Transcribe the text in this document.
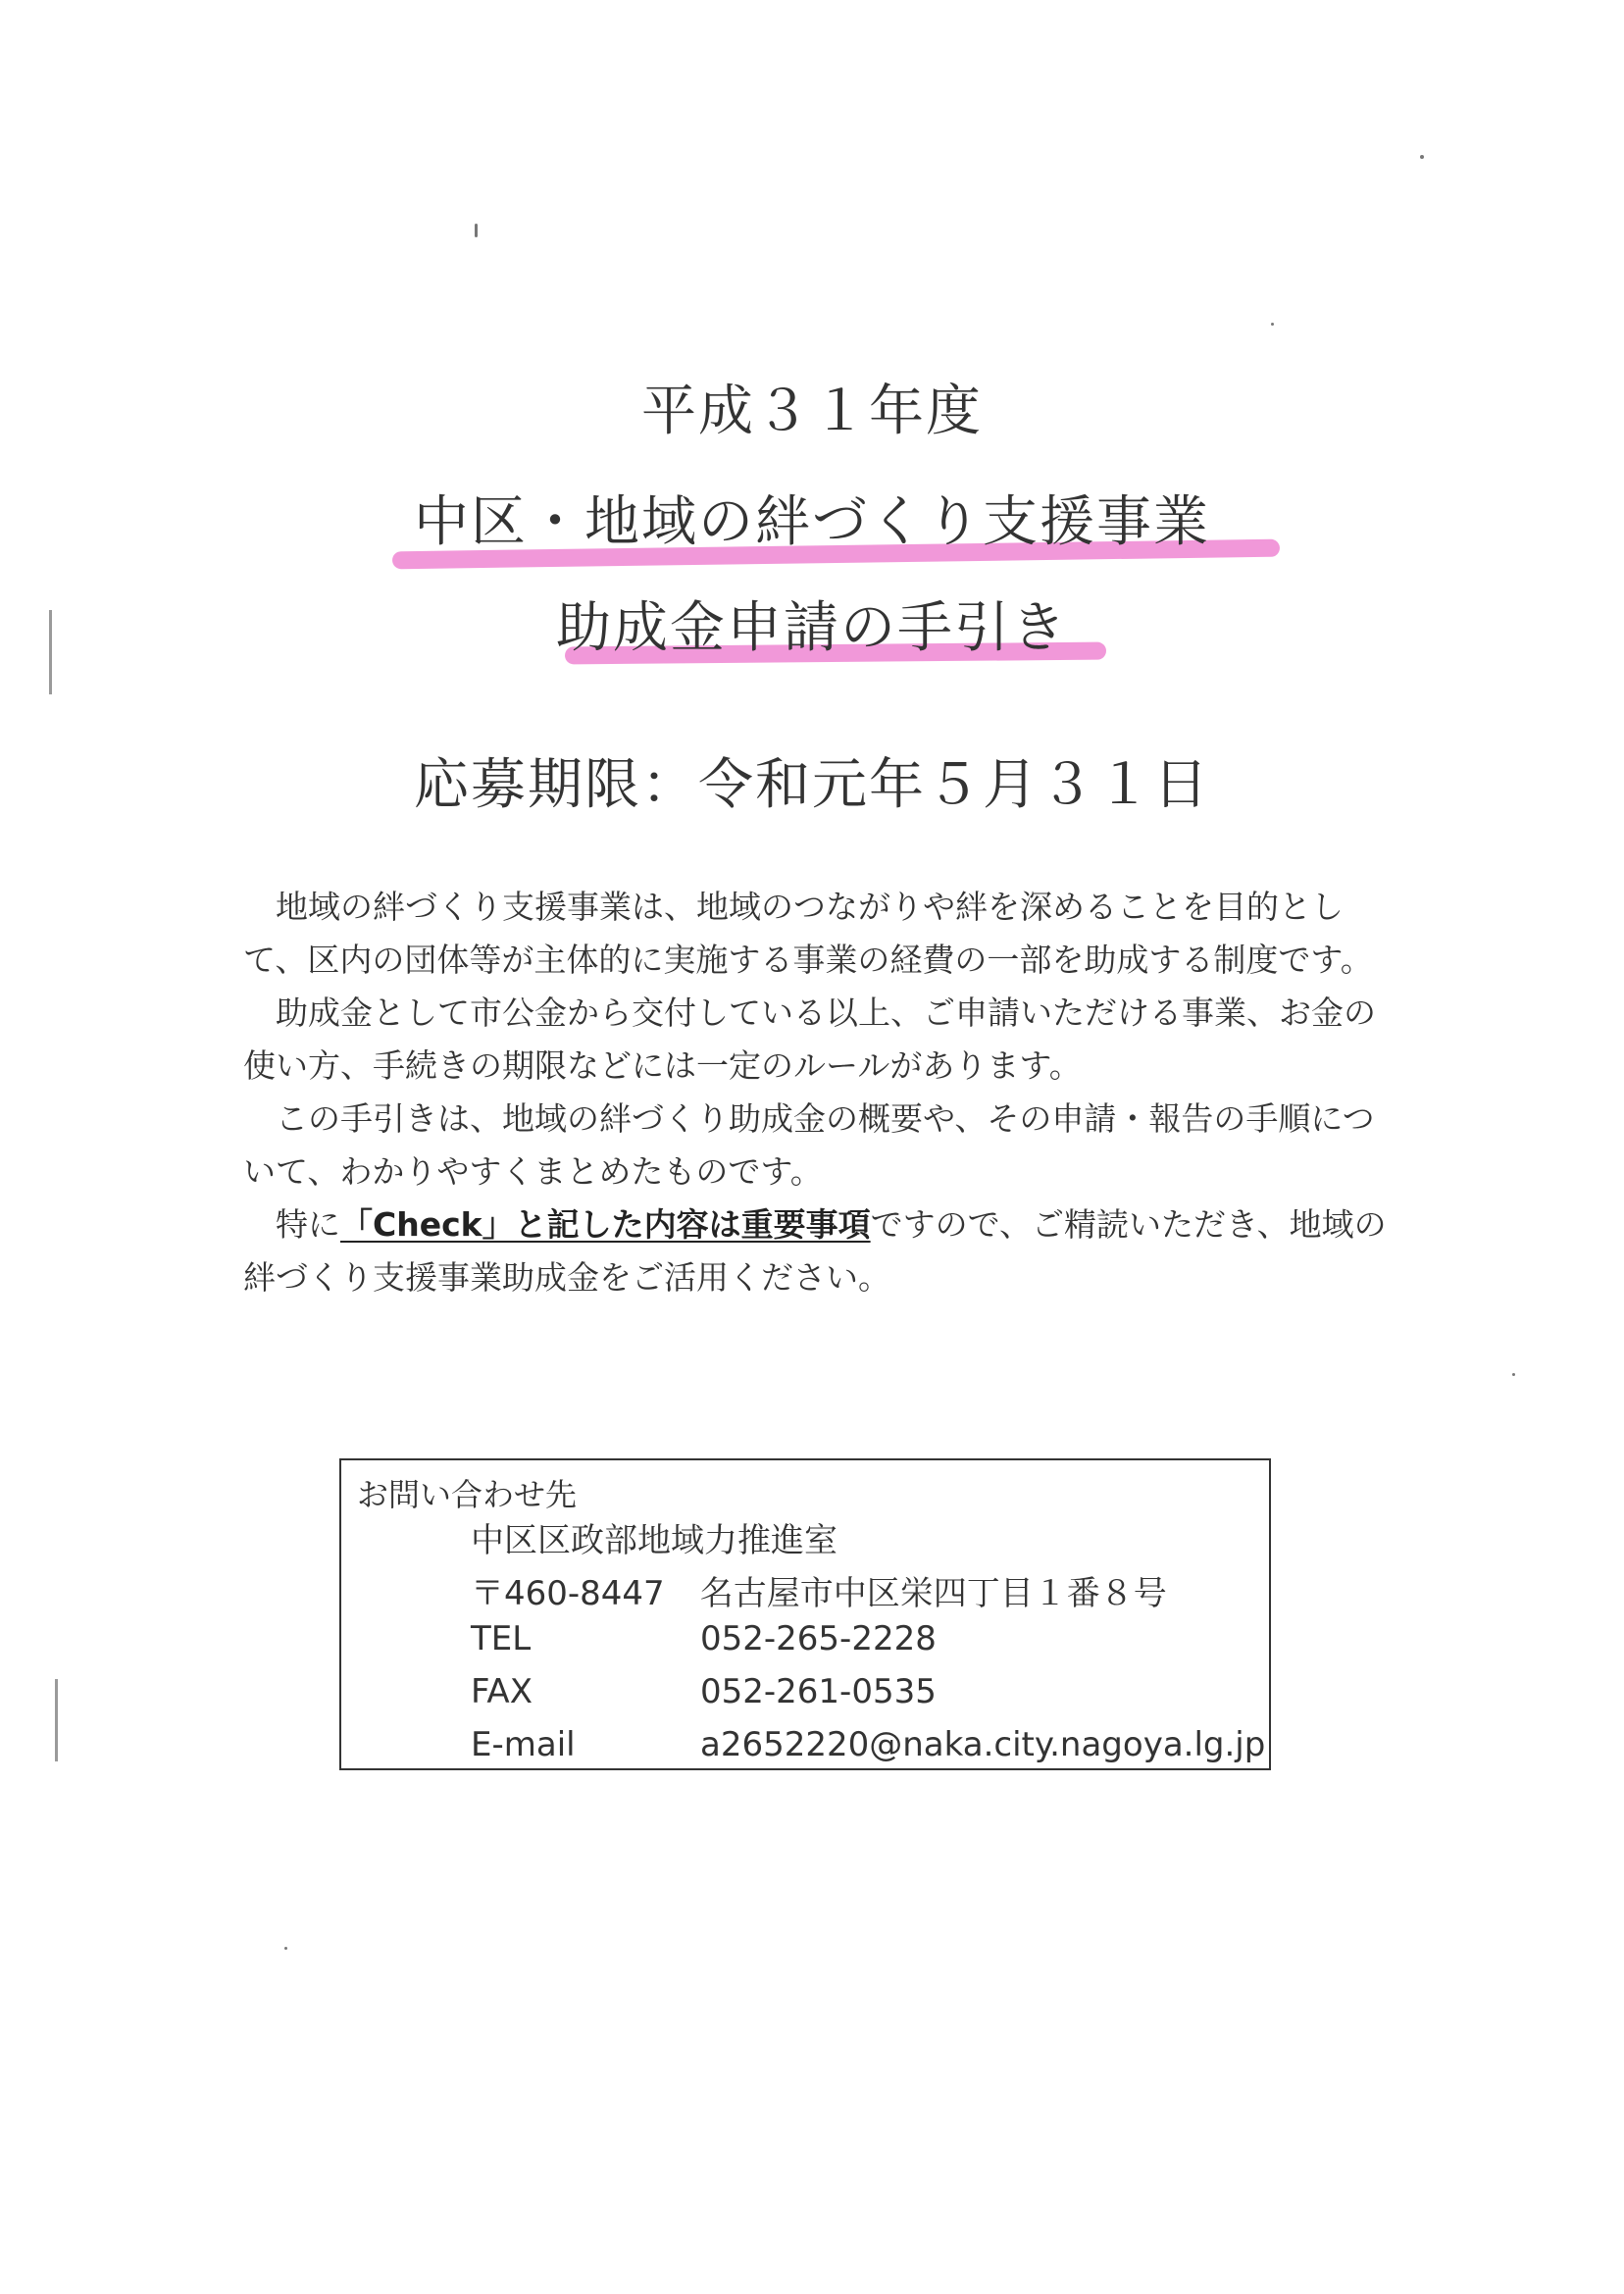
平成３１年度
中区・地域の絆づくり支援事業
助成金申請の手引き
応募期限：令和元年５月３１日

地域の絆づくり支援事業は、地域のつながりや絆を深めることを目的として、区内の団体等が主体的に実施する事業の経費の一部を助成する制度です。

助成金として市公金から交付している以上、ご申請いただける事業、お金の使い方、手続きの期限などには一定のルールがあります。

この手引きは、地域の絆づくり助成金の概要や、その申請・報告の手順について、わかりやすくまとめたものです。

特に「Check」と記した内容は重要事項ですので、ご精読いただき、地域の絆づくり支援事業助成金をご活用ください。

お問い合わせ先
中区区政部地域力推進室
〒460-8447 名古屋市中区栄四丁目１番８号
TEL	052-265-2228
FAX	052-261-0535
E-mail	a2652220@naka.city.nagoya.lg.jp
